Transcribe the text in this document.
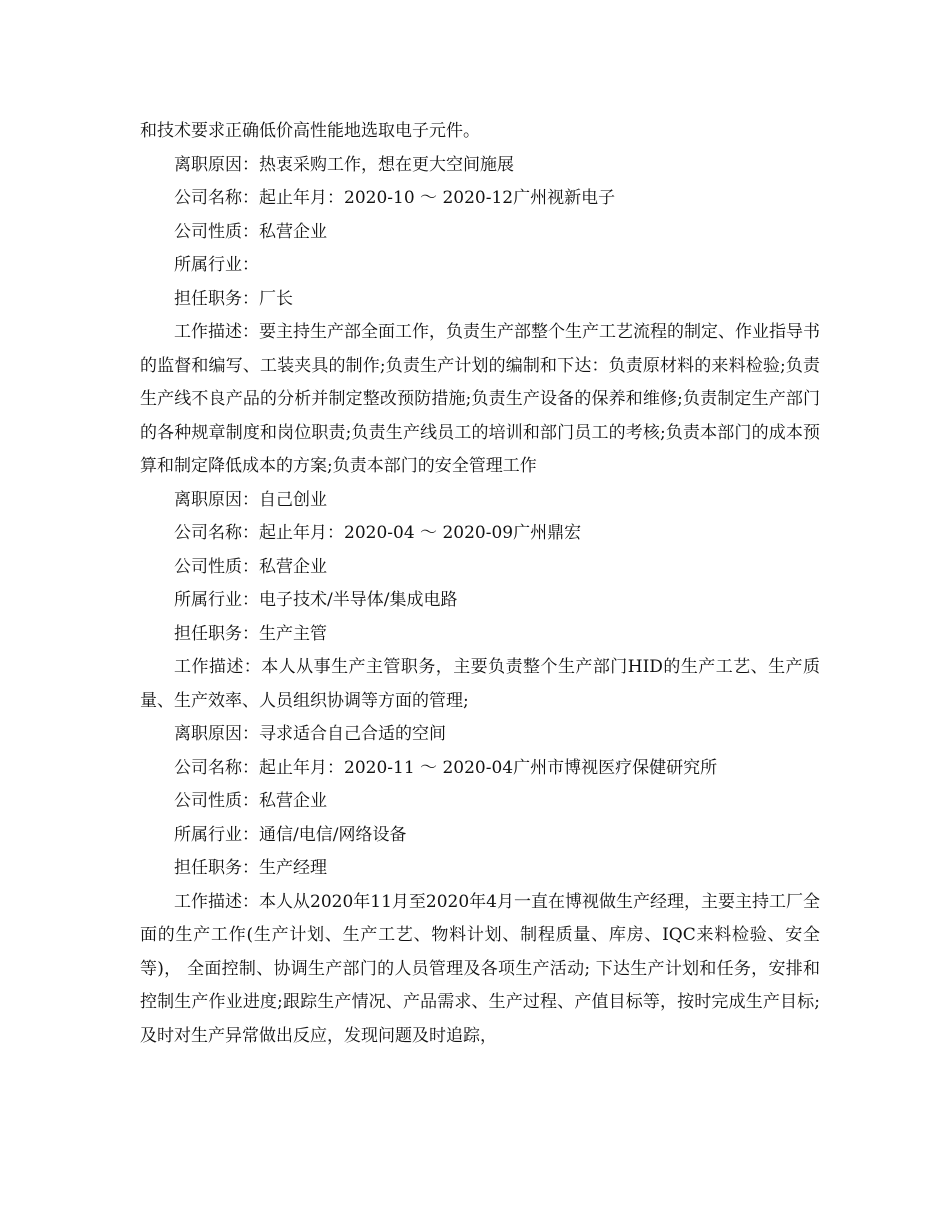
和技术要求正确低价高性能地选取电子元件。

离职原因：热衷采购工作，想在更大空间施展

公司名称：起止年月：2020-10 ～ 2020-12广州视新电子

公司性质：私营企业

所属行业：

担任职务：厂长

工作描述：要主持生产部全面工作，负责生产部整个生产工艺流程的制定、作业指导书的监督和编写、工装夹具的制作;负责生产计划的编制和下达：负责原材料的来料检验;负责生产线不良产品的分析并制定整改预防措施;负责生产设备的保养和维修;负责制定生产部门的各种规章制度和岗位职责;负责生产线员工的培训和部门员工的考核;负责本部门的成本预算和制定降低成本的方案;负责本部门的安全管理工作

离职原因：自己创业

公司名称：起止年月：2020-04 ～ 2020-09广州鼎宏

公司性质：私营企业

所属行业：电子技术/半导体/集成电路

担任职务：生产主管

工作描述：本人从事生产主管职务，主要负责整个生产部门HID的生产工艺、生产质量、生产效率、人员组织协调等方面的管理;

离职原因：寻求适合自己合适的空间

公司名称：起止年月：2020-11 ～ 2020-04广州市博视医疗保健研究所

公司性质：私营企业

所属行业：通信/电信/网络设备

担任职务：生产经理

工作描述：本人从2020年11月至2020年4月一直在博视做生产经理，主要主持工厂全面的生产工作(生产计划、生产工艺、物料计划、制程质量、库房、IQC来料检验、安全等)， 全面控制、协调生产部门的人员管理及各项生产活动; 下达生产计划和任务，安排和控制生产作业进度;跟踪生产情况、产品需求、生产过程、产值目标等，按时完成生产目标;及时对生产异常做出反应，发现问题及时追踪，
